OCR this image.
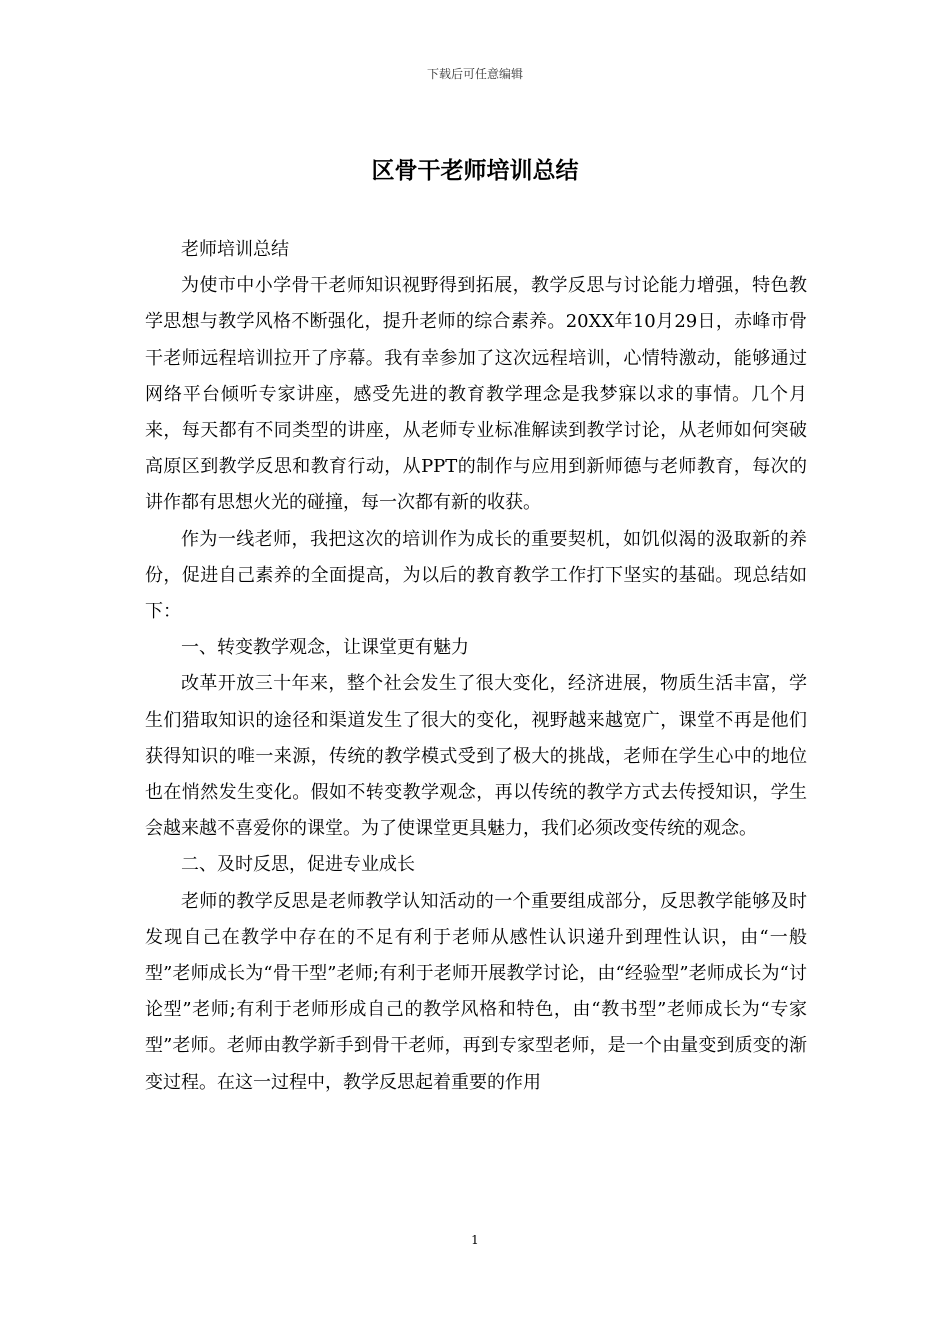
下载后可任意编辑
区骨干老师培训总结

老师培训总结

为使市中小学骨干老师知识视野得到拓展，教学反思与讨论能力增强，特色教学思想与教学风格不断强化，提升老师的综合素养。20XX年10月29日，赤峰市骨干老师远程培训拉开了序幕。我有幸参加了这次远程培训，心情特激动，能够通过网络平台倾听专家讲座，感受先进的教育教学理念是我梦寐以求的事情。几个月来，每天都有不同类型的讲座，从老师专业标准解读到教学讨论，从老师如何突破高原区到教学反思和教育行动，从PPT的制作与应用到新师德与老师教育，每次的讲作都有思想火光的碰撞，每一次都有新的收获。

作为一线老师，我把这次的培训作为成长的重要契机，如饥似渴的汲取新的养份，促进自己素养的全面提高，为以后的教育教学工作打下坚实的基础。现总结如下：

一、转变教学观念，让课堂更有魅力

改革开放三十年来，整个社会发生了很大变化，经济进展，物质生活丰富，学生们猎取知识的途径和渠道发生了很大的变化，视野越来越宽广，课堂不再是他们获得知识的唯一来源，传统的教学模式受到了极大的挑战，老师在学生心中的地位也在悄然发生变化。假如不转变教学观念，再以传统的教学方式去传授知识，学生会越来越不喜爱你的课堂。为了使课堂更具魅力，我们必须改变传统的观念。

二、及时反思，促进专业成长

老师的教学反思是老师教学认知活动的一个重要组成部分，反思教学能够及时发现自己在教学中存在的不足有利于老师从感性认识递升到理性认识，由“一般型”老师成长为“骨干型”老师;有利于老师开展教学讨论，由“经验型”老师成长为“讨论型”老师;有利于老师形成自己的教学风格和特色，由“教书型”老师成长为“专家型”老师。老师由教学新手到骨干老师，再到专家型老师，是一个由量变到质变的渐变过程。在这一过程中，教学反思起着重要的作用

1
